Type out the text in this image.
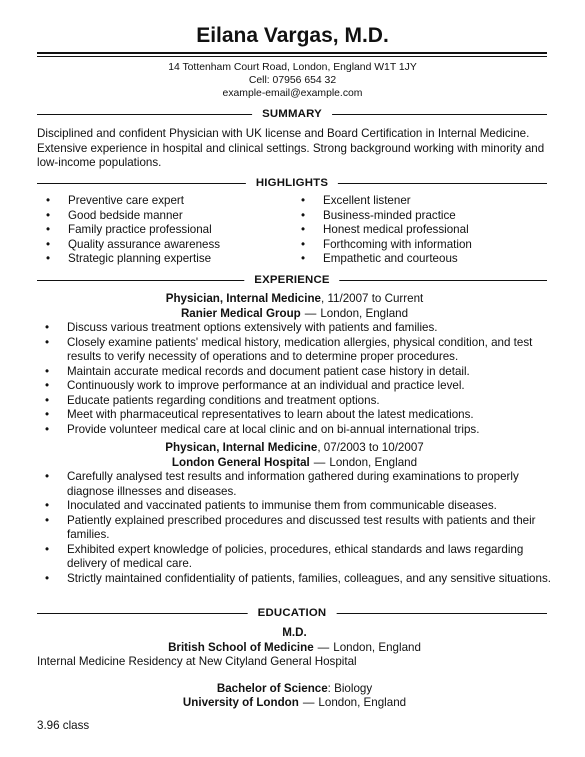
Eilana Vargas, M.D.
14 Tottenham Court Road, London, England W1T 1JY
Cell: 07956 654 32
example-email@example.com
SUMMARY
Disciplined and confident Physician with UK license and Board Certification in Internal Medicine. Extensive experience in hospital and clinical settings. Strong background working with minority and low-income populations.
HIGHLIGHTS
• Preventive care expert
• Good bedside manner
• Family practice professional
• Quality assurance awareness
• Strategic planning expertise
• Excellent listener
• Business-minded practice
• Honest medical professional
• Forthcoming with information
• Empathetic and courteous
EXPERIENCE
Physician, Internal Medicine, 11/2007 to Current
Ranier Medical Group — London, England
• Discuss various treatment options extensively with patients and families.
• Closely examine patients' medical history, medication allergies, physical condition, and test results to verify necessity of operations and to determine proper procedures.
• Maintain accurate medical records and document patient case history in detail.
• Continuously work to improve performance at an individual and practice level.
• Educate patients regarding conditions and treatment options.
• Meet with pharmaceutical representatives to learn about the latest medications.
• Provide volunteer medical care at local clinic and on bi-annual international trips.
Physican, Internal Medicine, 07/2003 to 10/2007
London General Hospital — London, England
• Carefully analysed test results and information gathered during examinations to properly diagnose illnesses and diseases.
• Inoculated and vaccinated patients to immunise them from communicable diseases.
• Patiently explained prescribed procedures and discussed test results with patients and their families.
• Exhibited expert knowledge of policies, procedures, ethical standards and laws regarding delivery of medical care.
• Strictly maintained confidentiality of patients, families, colleagues, and any sensitive situations.
EDUCATION
M.D.
British School of Medicine — London, England
Internal Medicine Residency at New Cityland General Hospital
Bachelor of Science: Biology
University of London — London, England
3.96 class
